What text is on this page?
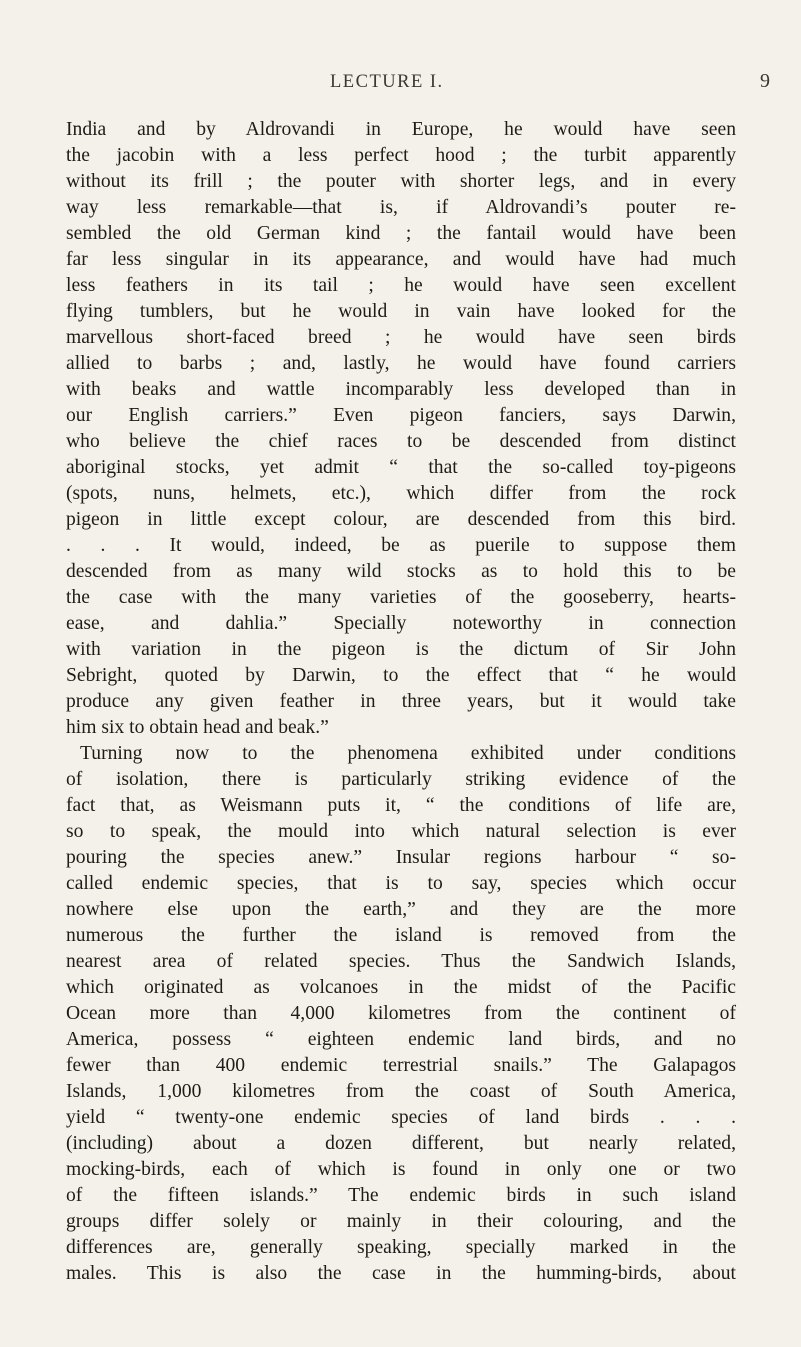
LECTURE I.	9
India and by Aldrovandi in Europe, he would have seen
the jacobin with a less perfect hood ; the turbit apparently
without its frill ; the pouter with shorter legs, and in every
way less remarkable—that is, if Aldrovandi’s pouter re-
sembled the old German kind ; the fantail would have been
far less singular in its appearance, and would have had much
less feathers in its tail ; he would have seen excellent
flying tumblers, but he would in vain have looked for the
marvellous short-faced breed ; he would have seen birds
allied to barbs ; and, lastly, he would have found carriers
with beaks and wattle incomparably less developed than in
our English carriers.” Even pigeon fanciers, says Darwin,
who believe the chief races to be descended from distinct
aboriginal stocks, yet admit “ that the so-called toy-pigeons
(spots, nuns, helmets, etc.), which differ from the rock
pigeon in little except colour, are descended from this bird.
. . . It would, indeed, be as puerile to suppose them
descended from as many wild stocks as to hold this to be
the case with the many varieties of the gooseberry, hearts-
ease, and dahlia.” Specially noteworthy in connection
with variation in the pigeon is the dictum of Sir John
Sebright, quoted by Darwin, to the effect that “ he would
produce any given feather in three years, but it would take
him six to obtain head and beak.”
Turning now to the phenomena exhibited under conditions
of isolation, there is particularly striking evidence of the
fact that, as Weismann puts it, “ the conditions of life are,
so to speak, the mould into which natural selection is ever
pouring the species anew.” Insular regions harbour “ so-
called endemic species, that is to say, species which occur
nowhere else upon the earth,” and they are the more
numerous the further the island is removed from the
nearest area of related species. Thus the Sandwich Islands,
which originated as volcanoes in the midst of the Pacific
Ocean more than 4,000 kilometres from the continent of
America, possess “ eighteen endemic land birds, and no
fewer than 400 endemic terrestrial snails.” The Galapagos
Islands, 1,000 kilometres from the coast of South America,
yield “ twenty-one endemic species of land birds . . .
(including) about a dozen different, but nearly related,
mocking-birds, each of which is found in only one or two
of the fifteen islands.” The endemic birds in such island
groups differ solely or mainly in their colouring, and the
differences are, generally speaking, specially marked in the
males. This is also the case in the humming-birds, about
